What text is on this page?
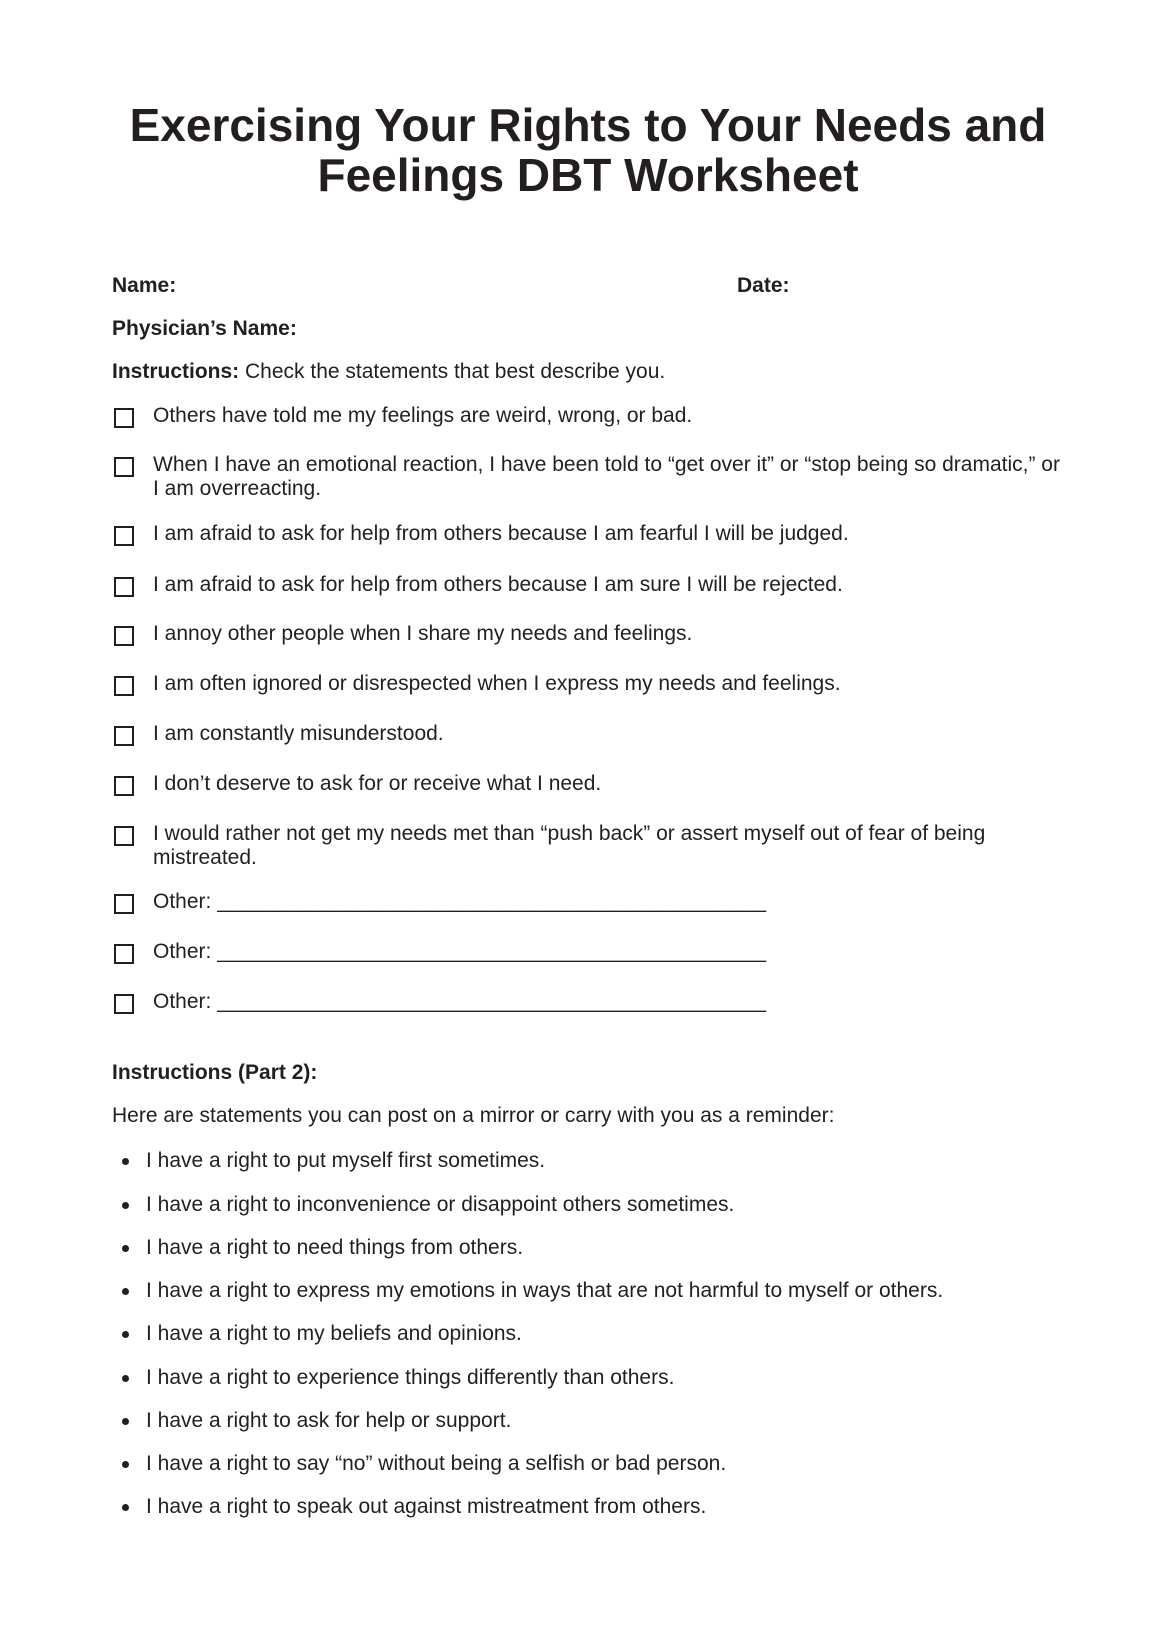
Exercising Your Rights to Your Needs and
Feelings DBT Worksheet
Name:	Date:
Physician’s Name:
Instructions: Check the statements that best describe you.
Others have told me my feelings are weird, wrong, or bad.
When I have an emotional reaction, I have been told to “get over it” or “stop being so dramatic,” or I am overreacting.
I am afraid to ask for help from others because I am fearful I will be judged.
I am afraid to ask for help from others because I am sure I will be rejected.
I annoy other people when I share my needs and feelings.
I am often ignored or disrespected when I express my needs and feelings.
I am constantly misunderstood.
I don’t deserve to ask for or receive what I need.
I would rather not get my needs met than “push back” or assert myself out of fear of being mistreated.
Other: _______________________________________________
Other: _______________________________________________
Other: _______________________________________________
Instructions (Part 2):
Here are statements you can post on a mirror or carry with you as a reminder:
I have a right to put myself first sometimes.
I have a right to inconvenience or disappoint others sometimes.
I have a right to need things from others.
I have a right to express my emotions in ways that are not harmful to myself or others.
I have a right to my beliefs and opinions.
I have a right to experience things differently than others.
I have a right to ask for help or support.
I have a right to say “no” without being a selfish or bad person.
I have a right to speak out against mistreatment from others.
